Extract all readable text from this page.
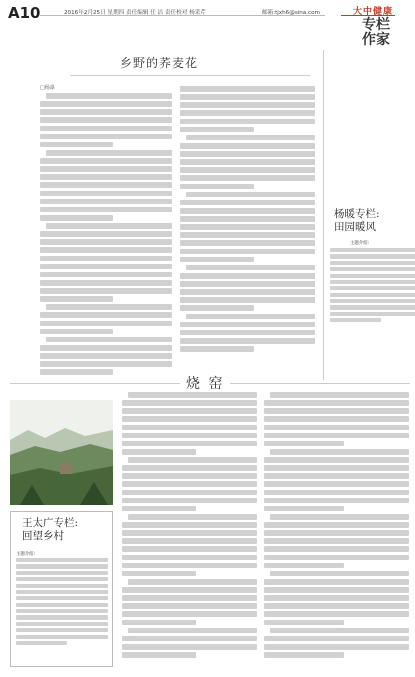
A10	2016年2月25日 星期四 责任编辑 任 洁 责任校对 杨采芹	邮箱:tjxh6@sina.com	大中健康
专栏作家
乡野的荞麦花
□杨瀑
杨暖专栏:
田园暖风
主题介绍:
烧 窑
王太广专栏:
回望乡村
主题介绍:
